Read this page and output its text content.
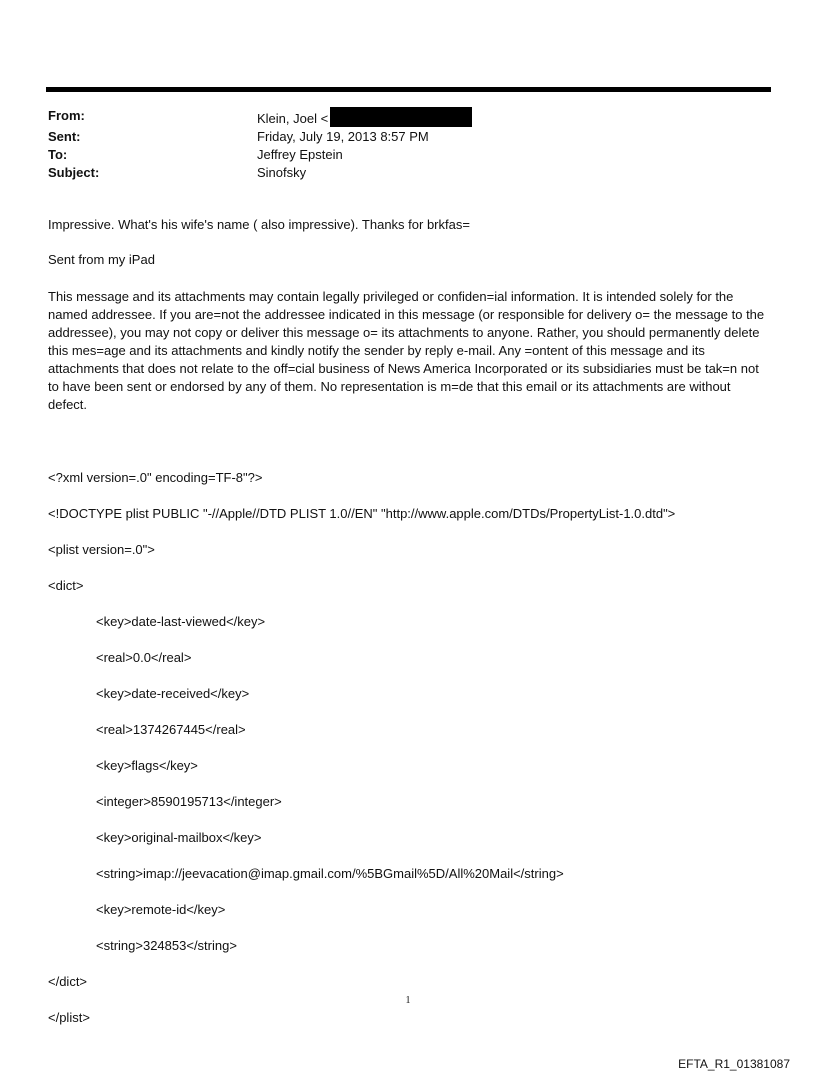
From:	Klein, Joel <
Sent:	Friday, July 19, 2013 8:57 PM
To:	Jeffrey Epstein
Subject:	Sinofsky
Impressive. What's his wife's name ( also impressive). Thanks for brkfas=
Sent from my iPad
This message and its attachments may contain legally privileged or confiden=ial information. It is intended solely for the named addressee. If you are=not the addressee indicated in this message (or responsible for delivery o= the message to the addressee), you may not copy or deliver this message o= its attachments to anyone. Rather, you should permanently delete this mes=age and its attachments and kindly notify the sender by reply e-mail. Any =ontent of this message and its attachments that does not relate to the off=cial business of News America Incorporated or its subsidiaries must be tak=n not to have been sent or endorsed by any of them. No representation is m=de that this email or its attachments are without defect.

<?xml version=.0" encoding=TF-8"?>

<!DOCTYPE plist PUBLIC "-//Apple//DTD PLIST 1.0//EN" "http://www.apple.com/DTDs/PropertyList-1.0.dtd">

<plist version=.0">

<dict>

<key>date-last-viewed</key>

<real>0.0</real>

<key>date-received</key>

<real>1374267445</real>

<key>flags</key>

<integer>8590195713</integer>

<key>original-mailbox</key>

<string>imap://jeevacation@imap.gmail.com/%5BGmail%5D/All%20Mail</string>

<key>remote-id</key>

<string>324853</string>

</dict>

</plist>

1
EFTA_R1_01381087
